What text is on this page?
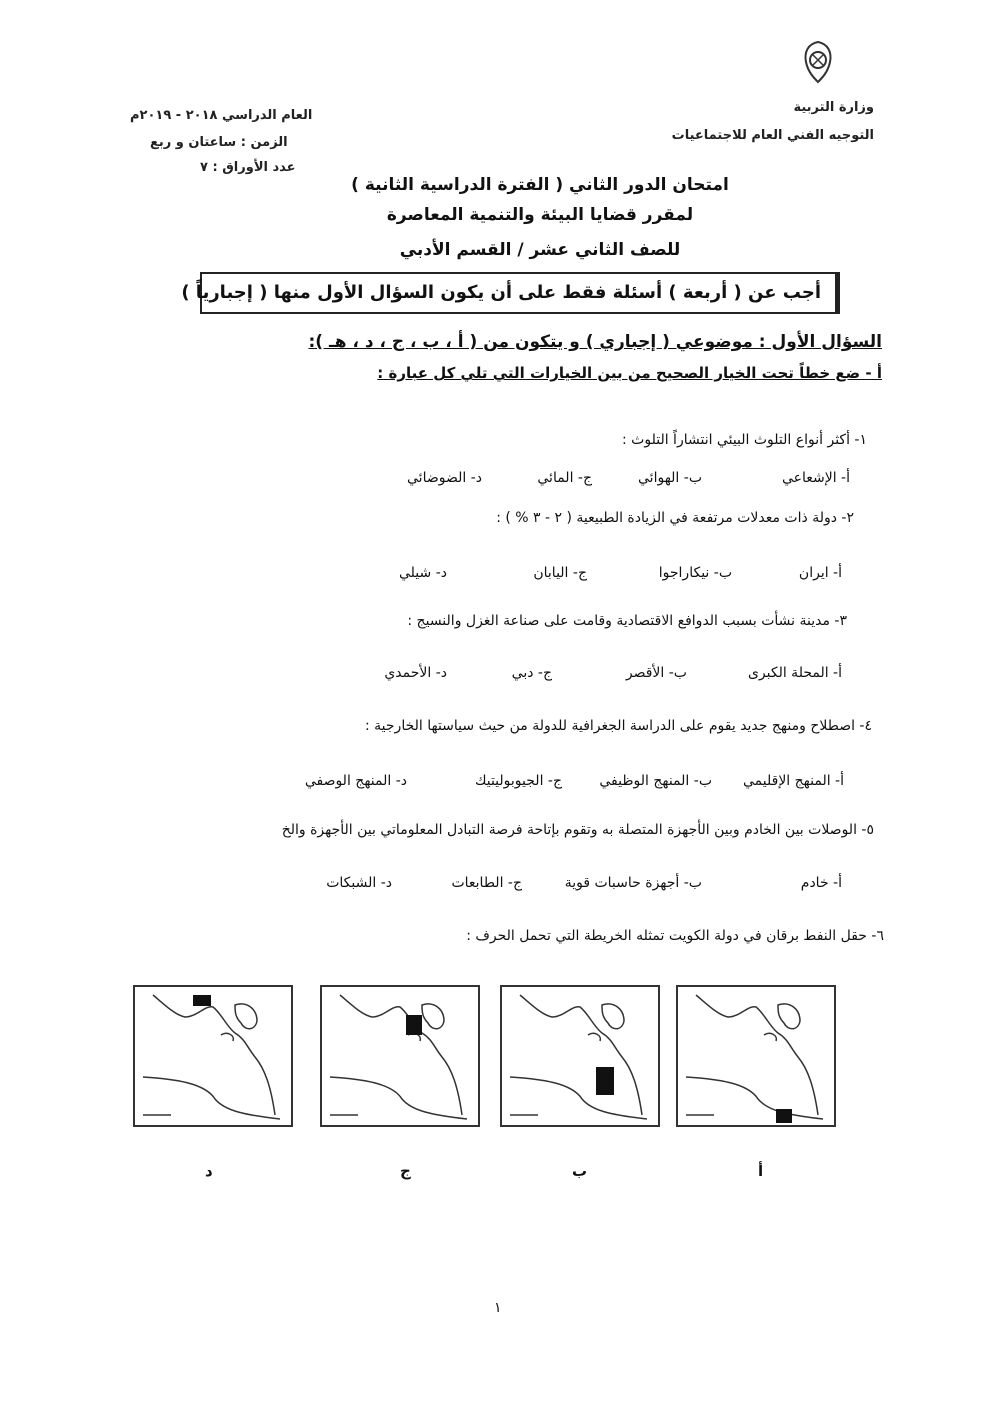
وزارة التربية
التوجيه الفني العام للاجتماعيات
العام الدراسي ٢٠١٨ - ٢٠١٩م
الزمن : ساعتان و ربع
عدد الأوراق : ٧
امتحان الدور الثاني ( الفترة الدراسية الثانية )
لمقرر قضايا البيئة والتنمية المعاصرة
للصف الثاني عشر / القسم الأدبي
أجب عن ( أربعة ) أسئلة فقط على أن يكون السؤال الأول منها ( إجبارياً )
السؤال الأول : موضوعي ( إجباري ) و يتكون من ( أ ، ب ، ج ، د ، هـ ):
أ - ضع خطاً تحت الخيار الصحيح من بين الخيارات التي تلي كل عبارة :
١- أكثر أنواع التلوث البيئي انتشاراً التلوث :
أ- الإشعاعي
ب- الهوائي
ج- المائي
د- الضوضائي
٢- دولة ذات معدلات مرتفعة في الزيادة الطبيعية ( ٢ - ٣ % ) :
أ- ايران
ب- نيكاراجوا
ج- اليابان
د- شيلي
٣- مدينة نشأت بسبب الدوافع الاقتصادية وقامت على صناعة الغزل والنسيج :
أ- المحلة الكبرى
ب- الأقصر
ج- دبي
د- الأحمدي
٤- اصطلاح ومنهج جديد يقوم على الدراسة الجغرافية للدولة من حيث سياستها الخارجية :
أ- المنهج الإقليمي
ب- المنهج الوظيفي
ج- الجيوبوليتيك
د- المنهج الوصفي
٥- الوصلات بين الخادم وبين الأجهزة المتصلة به وتقوم بإتاحة فرصة التبادل المعلوماتي بين الأجهزة والخ
أ- خادم
ب- أجهزة حاسبات قوية
ج- الطابعات
د- الشبكات
٦- حقل النفط برقان في دولة الكويت تمثله الخريطة التي تحمل الحرف :
د	ج	ب	أ
١
